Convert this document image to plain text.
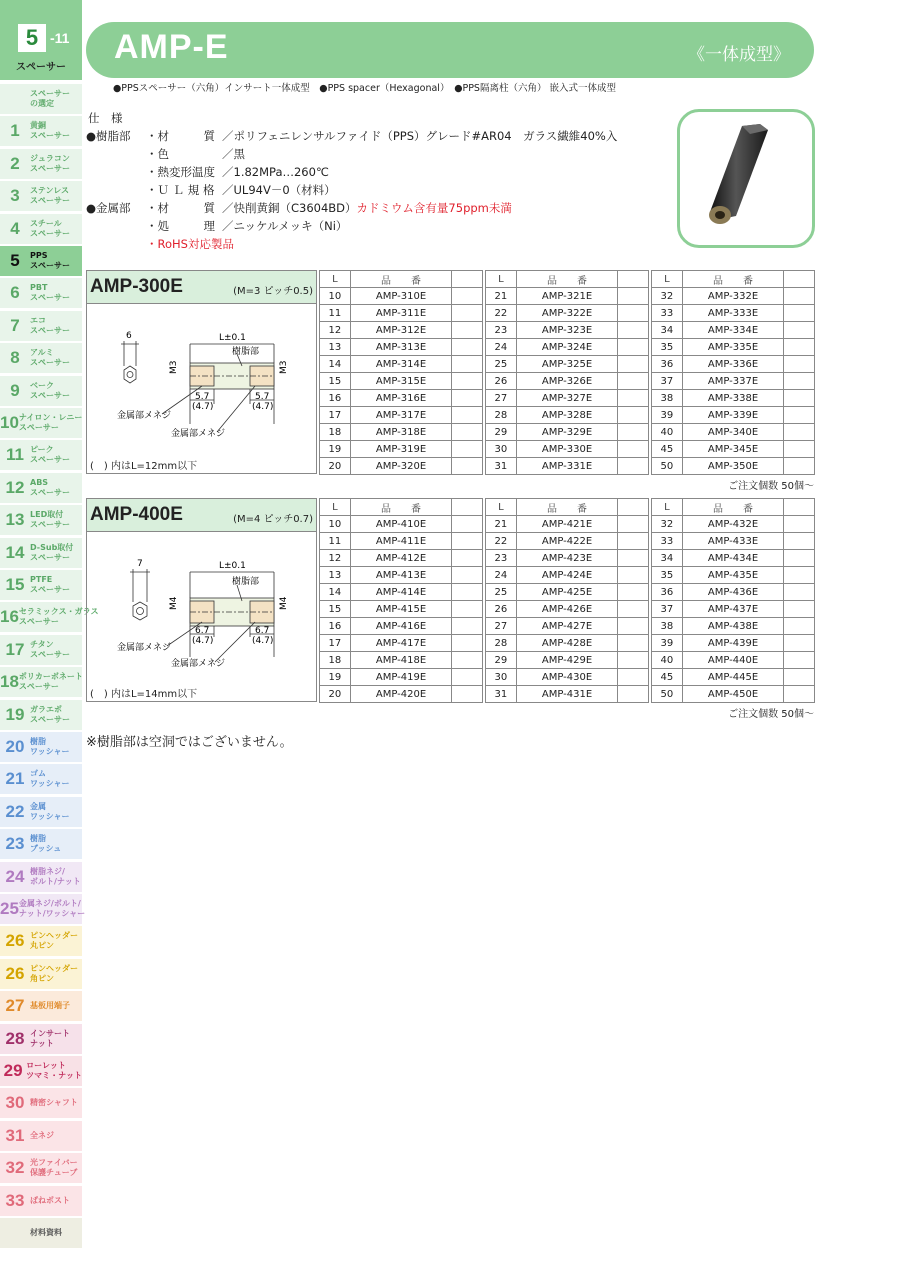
5 -11
スペーサー
スペーサー
の選定
1	黄銅
スペーサー
2	ジュラコン
スペーサー
3	ステンレス
スペーサー
4	スチール
スペーサー
5	PPS
スペーサー
6	PBT
スペーサー
7	エコ
スペーサー
8	アルミ
スペーサー
9	ベーク
スペーサー
10 ナイロン・レニー
スペーサー
11 ピーク
スペーサー
12 ABS
スペーサー
13 LED取付
スペーサー
14 D-Sub取付
スペーサー
15 PTFE
スペーサー
16 セラミックス・ガラス
スペーサー
17 チタン
スペーサー
18 ポリカーボネート
スペーサー
19 ガラエポ
スペーサー
20 樹脂
ワッシャー
21 ゴム
ワッシャー
22 金属
ワッシャー
23 樹脂
ブッシュ
24 樹脂ネジ/
ボルト/ナット
25 金属ネジ/ボルト/
ナット/ワッシャー
26 ピンヘッダー
丸ピン
26 ピンヘッダー
角ピン
27 基板用端子
28 インサート
ナット
29 ローレット
ツマミ・ナット
30 精密シャフト
31 全ネジ
32 光ファイバー
保護チューブ
33 ばねポスト
材料資料
AMP-E	《一体成型》
●PPSスペーサー（六角）インサート一体成型　●PPS spacer（Hexagonal）　●PPS隔离柱（六角） 嵌入式一体成型
仕　様
●樹脂部 ・材　　　質 ／ポリフェニレンサルファイド（PPS）グレード#AR04　ガラス繊維40%入
・色	／黒
・熱変形温度 ／1.82MPa…260℃
・Ｕ Ｌ 規 格 ／UL94V－0（材料）
●金属部 ・材　　　質 ／快削黄銅（C3604BD）カドミウム含有量75ppm未満
・処　　　理 ／ニッケルメッキ（Ni）
・RoHS対応製品
AMP-300E	(M=3 ピッチ0.5)
6	L±0.1
樹脂部
M3	M3
5.7
(4.7)
5.7
(4.7)
金属部メネジ
金属部メネジ
(　) 内はL=12mm以下
L	品　　番	
10	AMP-310E	
11	AMP-311E	
12	AMP-312E	
13	AMP-313E	
14	AMP-314E	
15	AMP-315E	
16	AMP-316E	
17	AMP-317E	
18	AMP-318E	
19	AMP-319E	
20	AMP-320E	
L	品　　番	
21	AMP-321E	
22	AMP-322E	
23	AMP-323E	
24	AMP-324E	
25	AMP-325E	
26	AMP-326E	
27	AMP-327E	
28	AMP-328E	
29	AMP-329E	
30	AMP-330E	
31	AMP-331E	
L	品　　番	
32	AMP-332E	
33	AMP-333E	
34	AMP-334E	
35	AMP-335E	
36	AMP-336E	
37	AMP-337E	
38	AMP-338E	
39	AMP-339E	
40	AMP-340E	
45	AMP-345E	
50	AMP-350E	
ご注文個数 50個～
AMP-400E	(M=4 ピッチ0.7)
7	L±0.1
樹脂部
M4	M4
6.7
(4.7)
6.7
(4.7)
金属部メネジ
金属部メネジ
(　) 内はL=14mm以下
L	品　　番	
10	AMP-410E	
11	AMP-411E	
12	AMP-412E	
13	AMP-413E	
14	AMP-414E	
15	AMP-415E	
16	AMP-416E	
17	AMP-417E	
18	AMP-418E	
19	AMP-419E	
20	AMP-420E	
L	品　　番	
21	AMP-421E	
22	AMP-422E	
23	AMP-423E	
24	AMP-424E	
25	AMP-425E	
26	AMP-426E	
27	AMP-427E	
28	AMP-428E	
29	AMP-429E	
30	AMP-430E	
31	AMP-431E	
L	品　　番	
32	AMP-432E	
33	AMP-433E	
34	AMP-434E	
35	AMP-435E	
36	AMP-436E	
37	AMP-437E	
38	AMP-438E	
39	AMP-439E	
40	AMP-440E	
45	AMP-445E	
50	AMP-450E	
ご注文個数 50個～
※樹脂部は空洞ではございません。
